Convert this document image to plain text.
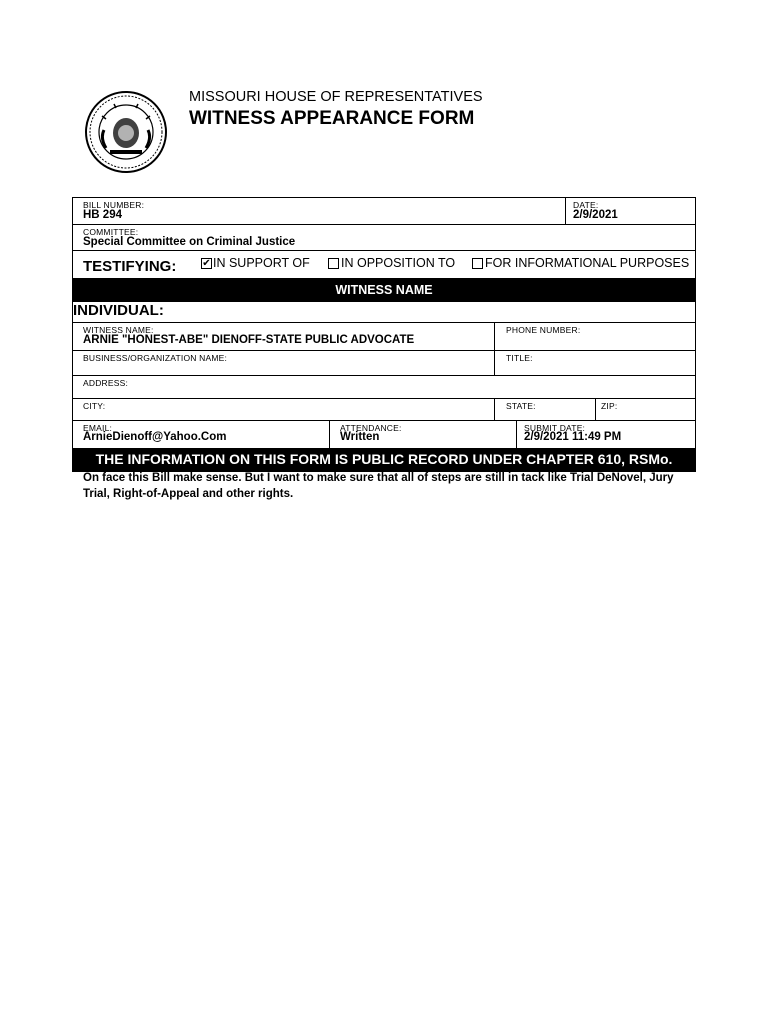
MISSOURI HOUSE OF REPRESENTATIVES
WITNESS APPEARANCE FORM
BILL NUMBER:
HB 294
DATE:
2/9/2021
COMMITTEE:
Special Committee on Criminal Justice
TESTIFYING:	✔ IN SUPPORT OF IN OPPOSITION TO FOR INFORMATIONAL PURPOSES
WITNESS NAME
INDIVIDUAL:
WITNESS NAME:
ARNIE "HONEST-ABE" DIENOFF-STATE PUBLIC ADVOCATE
PHONE NUMBER:
BUSINESS/ORGANIZATION NAME:	TITLE:
ADDRESS:
CITY:	STATE:	ZIP:
EMAIL:
ArnieDienoff@Yahoo.Com
ATTENDANCE:
Written
SUBMIT DATE:
2/9/2021 11:49 PM
THE INFORMATION ON THIS FORM IS PUBLIC RECORD UNDER CHAPTER 610, RSMo.
On face this Bill make sense. But I want to make sure that all of steps are still in tack like Trial DeNovel, Jury Trial, Right-of-Appeal and other rights.
